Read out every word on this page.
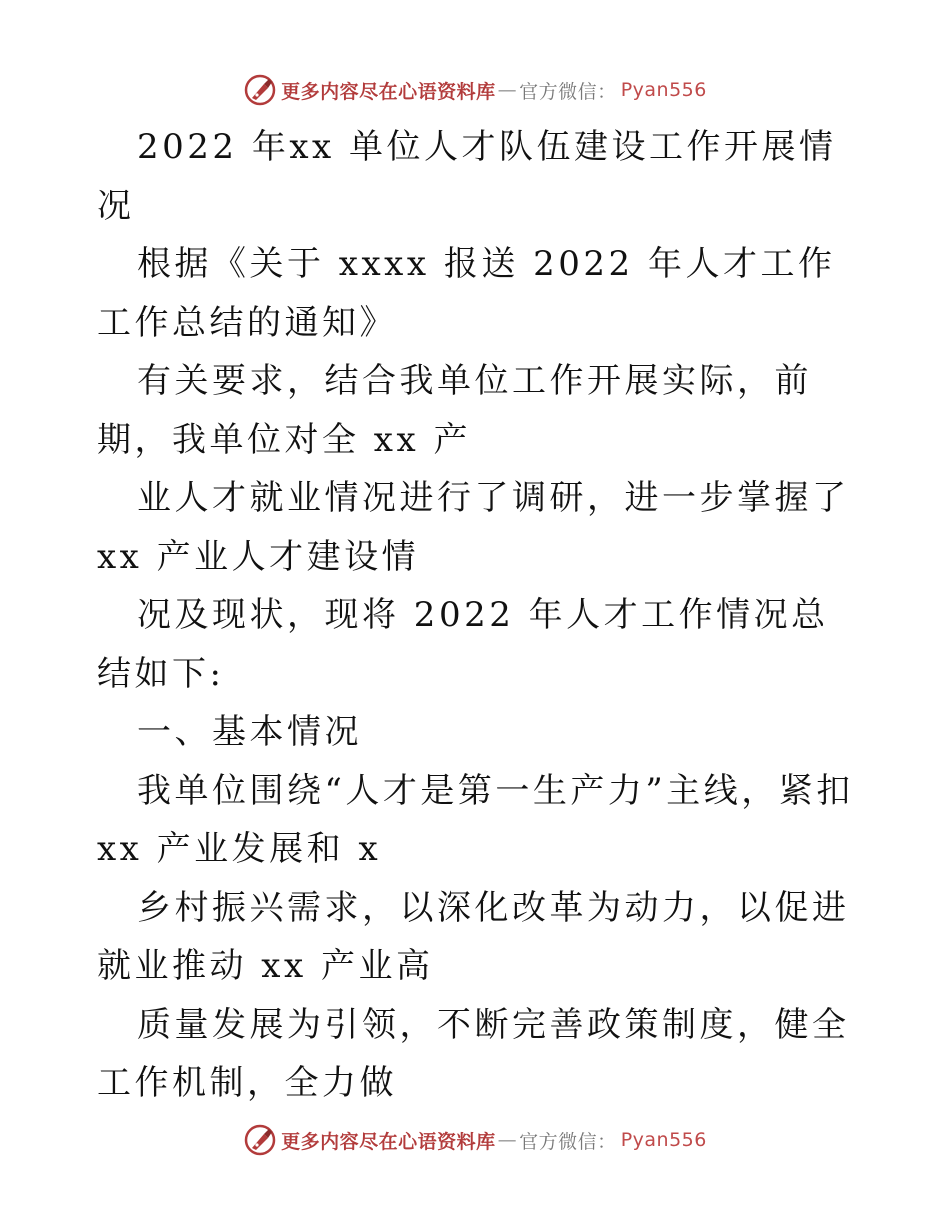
更多内容尽在心语资料库 — 官方微信： Pyan556

2022 年xx 单位人才队伍建设工作开展情况

根据《关于 xxxx 报送 2022 年人才工作工作总结的通知》

有关要求，结合我单位工作开展实际，前期，我单位对全 xx 产

业人才就业情况进行了调研，进一步掌握了 xx 产业人才建设情

况及现状，现将 2022 年人才工作情况总结如下:

一、基本情况

我单位围绕“人才是第一生产力”主线，紧扣 xx 产业发展和 x

乡村振兴需求，以深化改革为动力，以促进就业推动 xx 产业高

质量发展为引领，不断完善政策制度，健全工作机制，全力做

更多内容尽在心语资料库 — 官方微信： Pyan556
